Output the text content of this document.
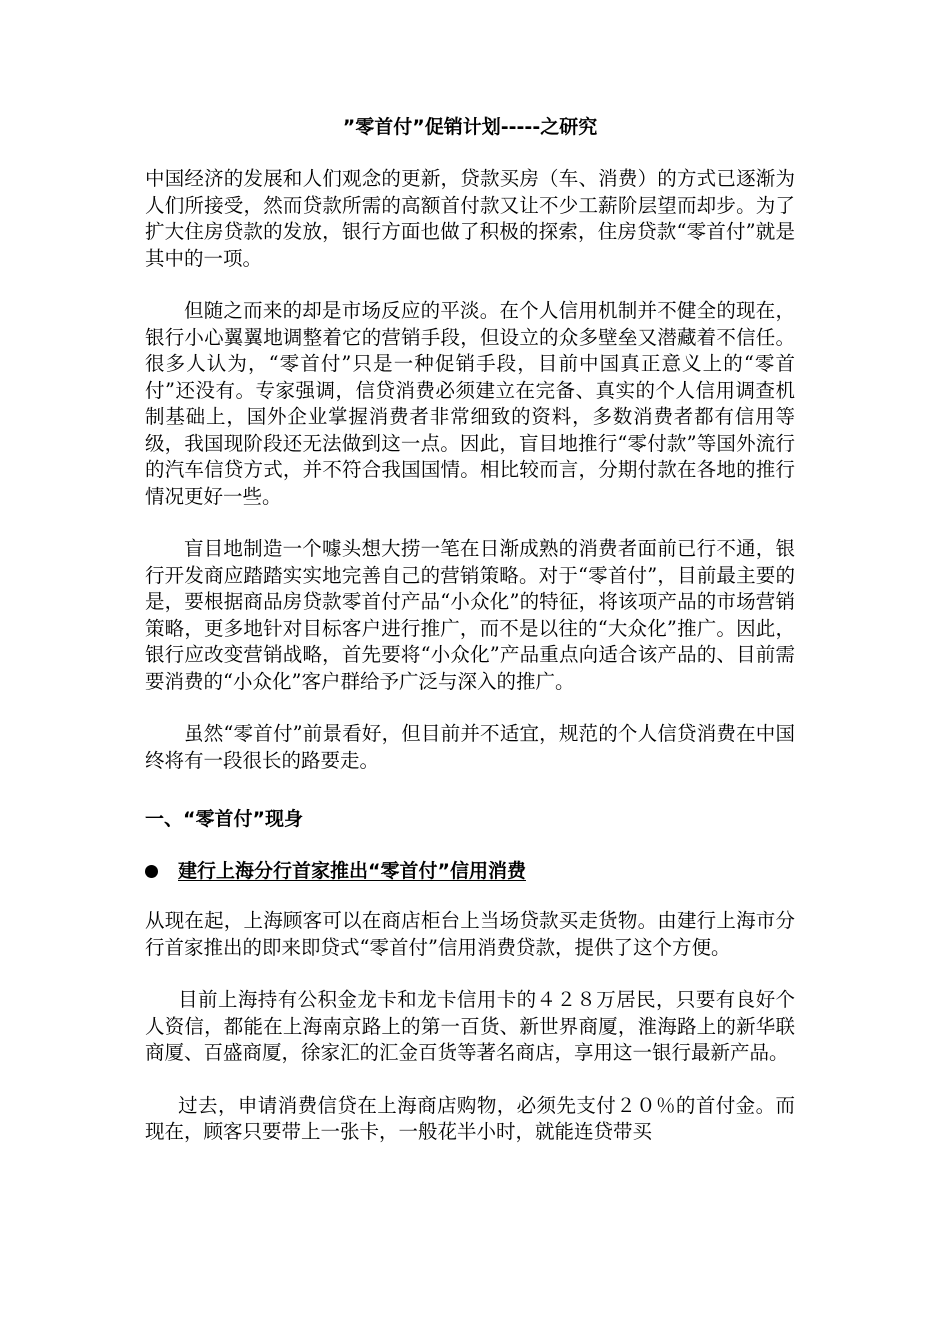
”零首付”促销计划-----之研究

中国经济的发展和人们观念的更新，贷款买房（车、消费）的方式已逐渐为人们所接受，然而贷款所需的高额首付款又让不少工薪阶层望而却步。为了扩大住房贷款的发放，银行方面也做了积极的探索，住房贷款“零首付”就是其中的一项。

但随之而来的却是市场反应的平淡。在个人信用机制并不健全的现在，银行小心翼翼地调整着它的营销手段，但设立的众多壁垒又潜藏着不信任。很多人认为，“零首付”只是一种促销手段，目前中国真正意义上的“零首付”还没有。专家强调，信贷消费必须建立在完备、真实的个人信用调查机制基础上，国外企业掌握消费者非常细致的资料，多数消费者都有信用等级，我国现阶段还无法做到这一点。因此，盲目地推行“零付款”等国外流行的汽车信贷方式，并不符合我国国情。相比较而言，分期付款在各地的推行情况更好一些。

盲目地制造一个噱头想大捞一笔在日渐成熟的消费者面前已行不通，银行开发商应踏踏实实地完善自己的营销策略。对于“零首付”，目前最主要的是，要根据商品房贷款零首付产品“小众化”的特征，将该项产品的市场营销策略，更多地针对目标客户进行推广，而不是以往的“大众化”推广。因此，银行应改变营销战略，首先要将“小众化”产品重点向适合该产品的、目前需要消费的“小众化”客户群给予广泛与深入的推广。

虽然“零首付”前景看好，但目前并不适宜，规范的个人信贷消费在中国终将有一段很长的路要走。

一、“零首付”现身
建行上海分行首家推出“零首付”信用消费

从现在起，上海顾客可以在商店柜台上当场贷款买走货物。由建行上海市分行首家推出的即来即贷式“零首付”信用消费贷款，提供了这个方便。

目前上海持有公积金龙卡和龙卡信用卡的４２８万居民，只要有良好个人资信，都能在上海南京路上的第一百货、新世界商厦，淮海路上的新华联商厦、百盛商厦，徐家汇的汇金百货等著名商店，享用这一银行最新产品。

过去，申请消费信贷在上海商店购物，必须先支付２０％的首付金。而现在，顾客只要带上一张卡，一般花半小时，就能连贷带买
